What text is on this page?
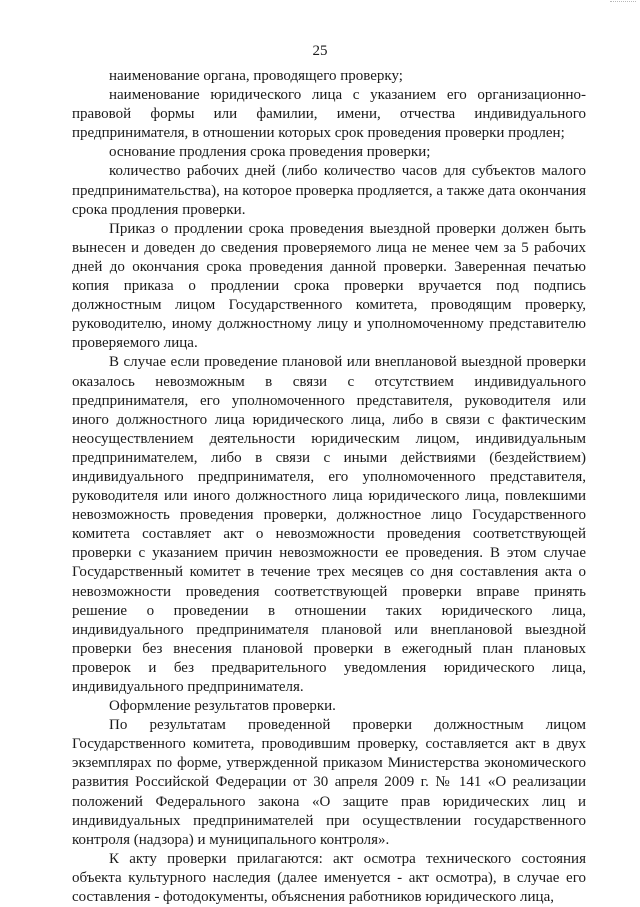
25

наименование органа, проводящего проверку;

наименование юридического лица с указанием его организационно-правовой формы или фамилии, имени, отчества индивидуального предпринимателя, в отношении которых срок проведения проверки продлен;

основание продления срока проведения проверки;

количество рабочих дней (либо количество часов для субъектов малого предпринимательства), на которое проверка продляется, а также дата окончания срока продления проверки.

Приказ о продлении срока проведения выездной проверки должен быть вынесен и доведен до сведения проверяемого лица не менее чем за 5 рабочих дней до окончания срока проведения данной проверки. Заверенная печатью копия приказа о продлении срока проверки вручается под подпись должностным лицом Государственного комитета, проводящим проверку, руководителю, иному должностному лицу и уполномоченному представителю проверяемого лица.

В случае если проведение плановой или внеплановой выездной проверки оказалось невозможным в связи с отсутствием индивидуального предпринимателя, его уполномоченного представителя, руководителя или иного должностного лица юридического лица, либо в связи с фактическим неосуществлением деятельности юридическим лицом, индивидуальным предпринимателем, либо в связи с иными действиями (бездействием) индивидуального предпринимателя, его уполномоченного представителя, руководителя или иного должностного лица юридического лица, повлекшими невозможность проведения проверки, должностное лицо Государственного комитета составляет акт о невозможности проведения соответствующей проверки с указанием причин невозможности ее проведения. В этом случае Государственный комитет в течение трех месяцев со дня составления акта о невозможности проведения соответствующей проверки вправе принять решение о проведении в отношении таких юридического лица, индивидуального предпринимателя плановой или внеплановой выездной проверки без внесения плановой проверки в ежегодный план плановых проверок и без предварительного уведомления юридического лица, индивидуального предпринимателя.

Оформление результатов проверки.

По результатам проведенной проверки должностным лицом Государственного комитета, проводившим проверку, составляется акт в двух экземплярах по форме, утвержденной приказом Министерства экономического развития Российской Федерации от 30 апреля 2009 г. № 141 «О реализации положений Федерального закона «О защите прав юридических лиц и индивидуальных предпринимателей при осуществлении государственного контроля (надзора) и муниципального контроля».

К акту проверки прилагаются: акт осмотра технического состояния объекта культурного наследия (далее именуется - акт осмотра), в случае его составления - фотодокументы, объяснения работников юридического лица,
